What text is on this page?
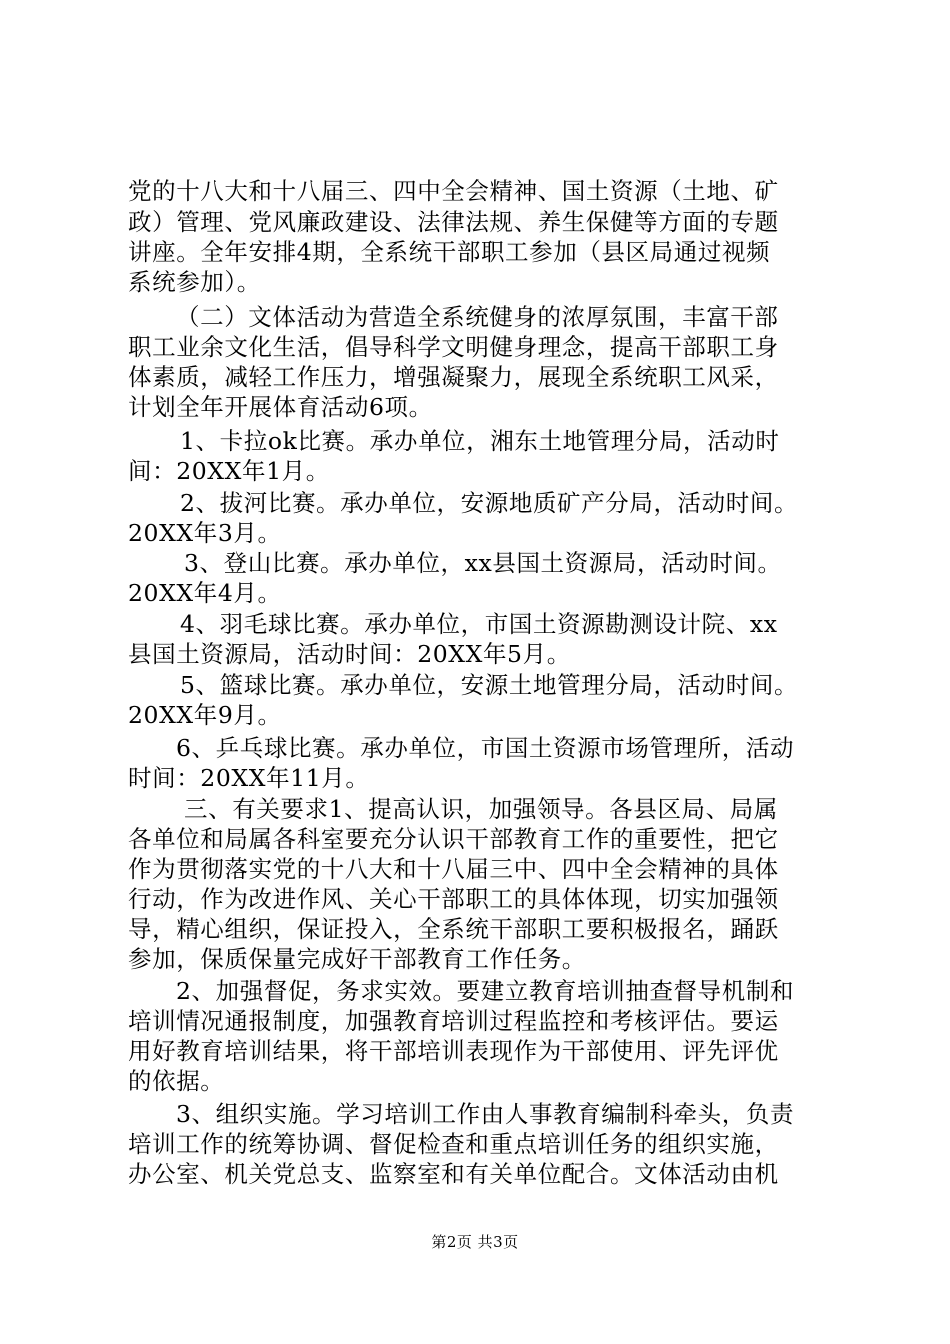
党的十八大和十八届三、四中全会精神、国土资源（土地、矿
政）管理、党风廉政建设、法律法规、养生保健等方面的专题
讲座。全年安排4期，全系统干部职工参加（县区局通过视频
系统参加）。
（二）文体活动为营造全系统健身的浓厚氛围，丰富干部
职工业余文化生活，倡导科学文明健身理念，提高干部职工身
体素质，减轻工作压力，增强凝聚力，展现全系统职工风采，
计划全年开展体育活动6项。
1、卡拉ok比赛。承办单位，湘东土地管理分局，活动时
间：20XX年1月。
2、拔河比赛。承办单位，安源地质矿产分局，活动时间。
20XX年3月。
3、登山比赛。承办单位，xx县国土资源局，活动时间。
20XX年4月。
4、羽毛球比赛。承办单位，市国土资源勘测设计院、xx
县国土资源局，活动时间：20XX年5月。
5、篮球比赛。承办单位，安源土地管理分局，活动时间。
20XX年9月。
6、乒乓球比赛。承办单位，市国土资源市场管理所，活动
时间：20XX年11月。
三、有关要求1、提高认识，加强领导。各县区局、局属
各单位和局属各科室要充分认识干部教育工作的重要性，把它
作为贯彻落实党的十八大和十八届三中、四中全会精神的具体
行动，作为改进作风、关心干部职工的具体体现，切实加强领
导，精心组织，保证投入，全系统干部职工要积极报名，踊跃
参加，保质保量完成好干部教育工作任务。
2、加强督促，务求实效。要建立教育培训抽查督导机制和
培训情况通报制度，加强教育培训过程监控和考核评估。要运
用好教育培训结果，将干部培训表现作为干部使用、评先评优
的依据。
3、组织实施。学习培训工作由人事教育编制科牵头，负责
培训工作的统筹协调、督促检查和重点培训任务的组织实施，
办公室、机关党总支、监察室和有关单位配合。文体活动由机
第2页 共3页
